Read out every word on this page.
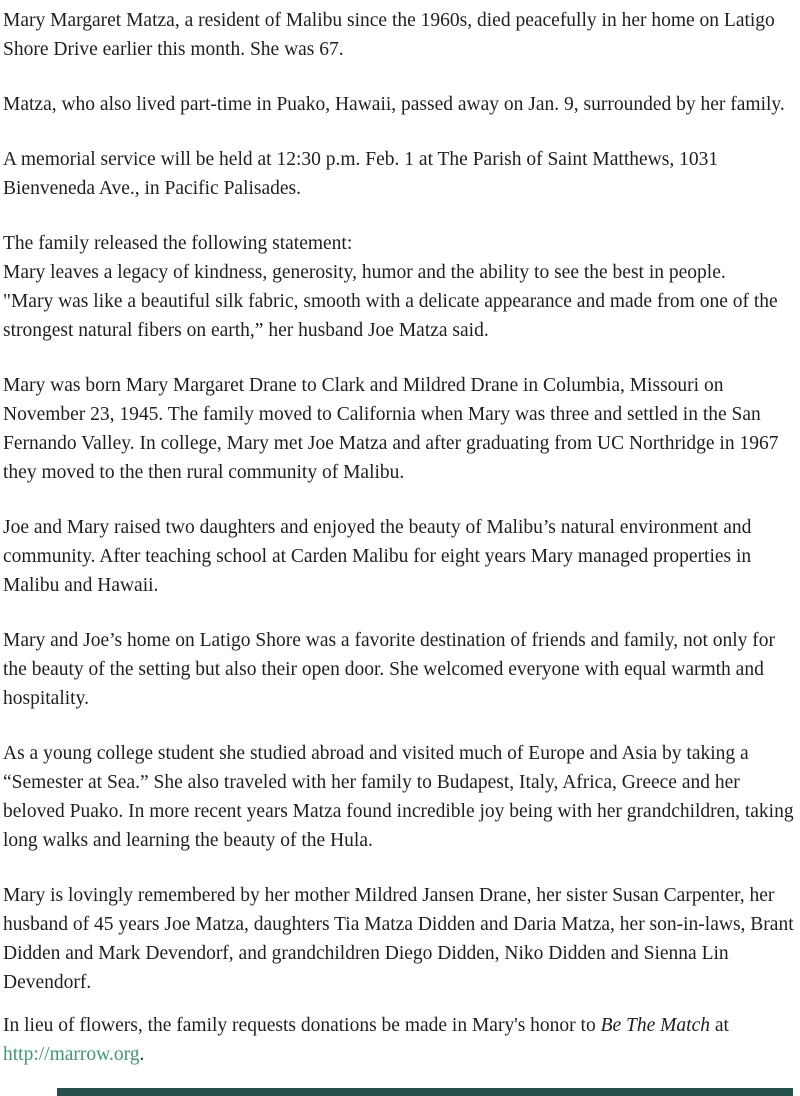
Mary Margaret Matza, a resident of Malibu since the 1960s, died peacefully in her home on Latigo Shore Drive earlier this month. She was 67.

Matza, who also lived part-time in Puako, Hawaii, passed away on Jan. 9, surrounded by her family.

A memorial service will be held at 12:30 p.m. Feb. 1 at The Parish of Saint Matthews, 1031 Bienveneda Ave., in Pacific Palisades.

The family released the following statement:
Mary leaves a legacy of kindness, generosity, humor and the ability to see the best in people.
"Mary was like a beautiful silk fabric, smooth with a delicate appearance and made from one of the strongest natural fibers on earth,” her husband Joe Matza said.

Mary was born Mary Margaret Drane to Clark and Mildred Drane in Columbia, Missouri on November 23, 1945. The family moved to California when Mary was three and settled in the San Fernando Valley. In college, Mary met Joe Matza and after graduating from UC Northridge in 1967 they moved to the then rural community of Malibu.

Joe and Mary raised two daughters and enjoyed the beauty of Malibu’s natural environment and community. After teaching school at Carden Malibu for eight years Mary managed properties in Malibu and Hawaii.

Mary and Joe’s home on Latigo Shore was a favorite destination of friends and family, not only for the beauty of the setting but also their open door. She welcomed everyone with equal warmth and hospitality.

As a young college student she studied abroad and visited much of Europe and Asia by taking a “Semester at Sea.” She also traveled with her family to Budapest, Italy, Africa, Greece and her beloved Puako. In more recent years Matza found incredible joy being with her grandchildren, taking long walks and learning the beauty of the Hula.

Mary is lovingly remembered by her mother Mildred Jansen Drane, her sister Susan Carpenter, her husband of 45 years Joe Matza, daughters Tia Matza Didden and Daria Matza, her son-in-laws, Brant Didden and Mark Devendorf, and grandchildren Diego Didden, Niko Didden and Sienna Lin Devendorf.

In lieu of flowers, the family requests donations be made in Mary's honor to Be The Match at http://marrow.org.
